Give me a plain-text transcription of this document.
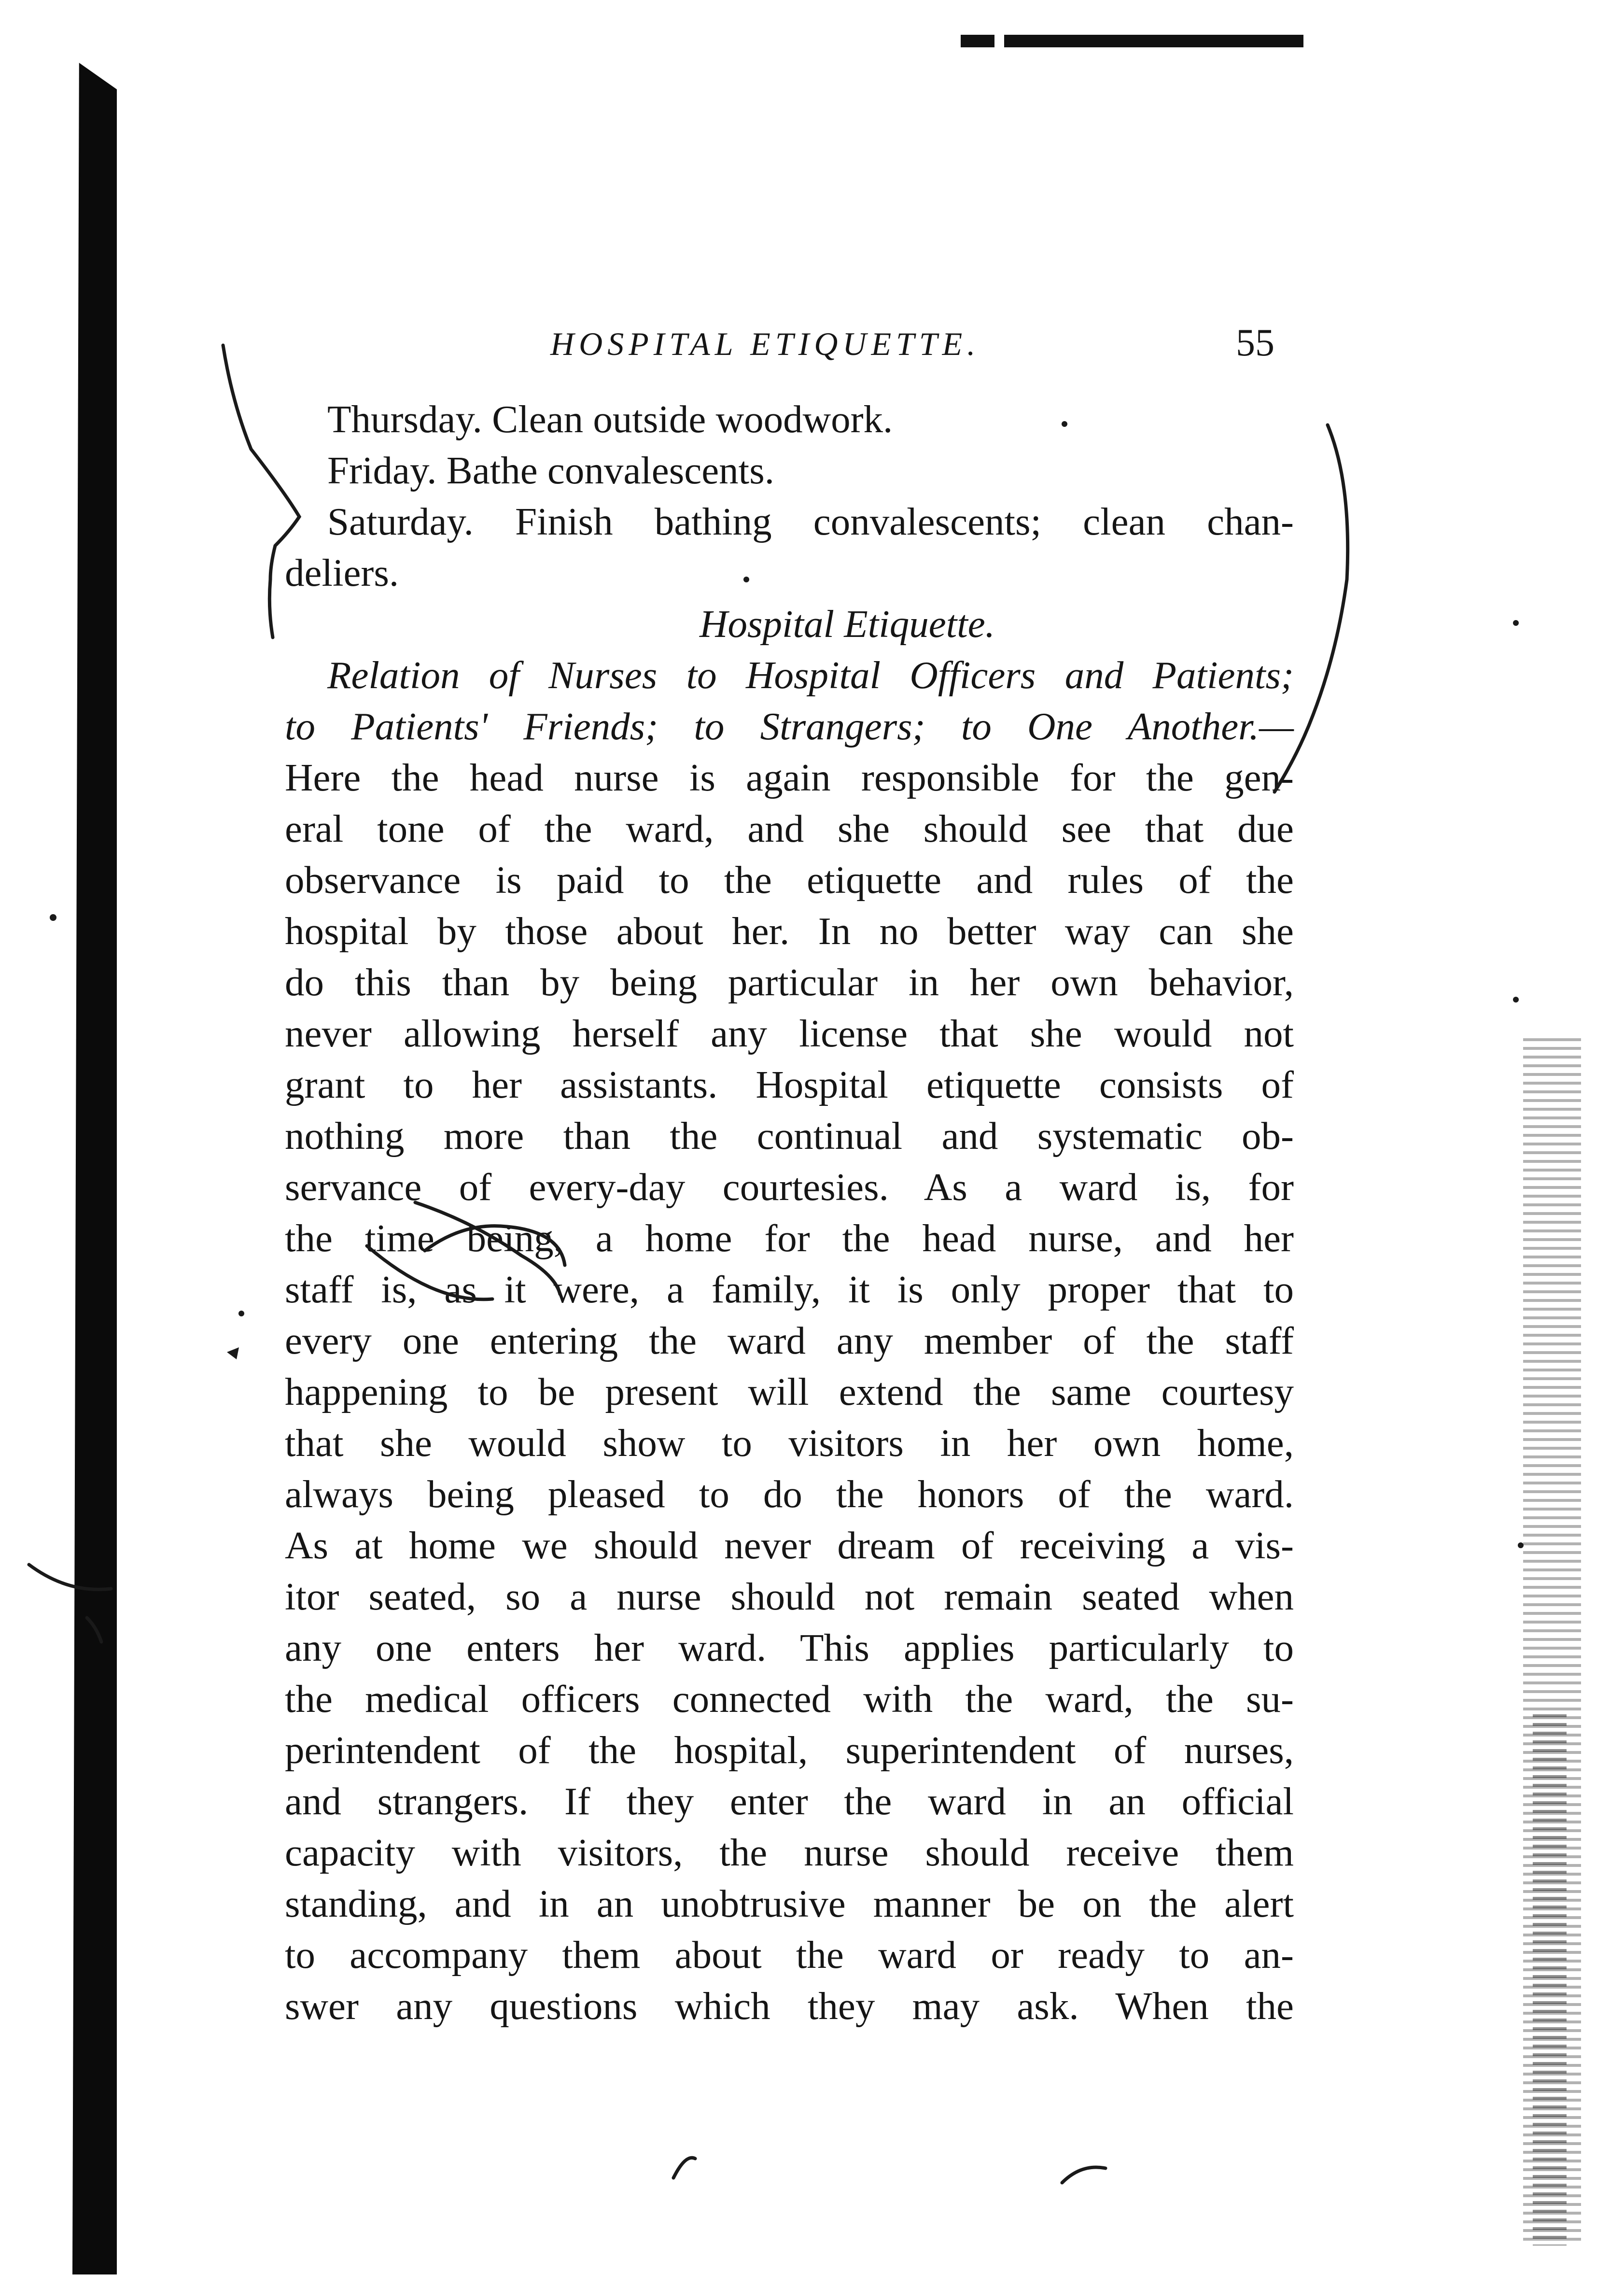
HOSPITAL ETIQUETTE.	55
Thursday. Clean outside woodwork.
Friday. Bathe convalescents.
Saturday. Finish bathing convalescents; clean chan-
deliers.
Hospital Etiquette.
Relation of Nurses to Hospital Officers and Patients;
to Patients' Friends; to Strangers; to One Another.—
Here the head nurse is again responsible for the gen-
eral tone of the ward, and she should see that due
observance is paid to the etiquette and rules of the
hospital by those about her. In no better way can she
do this than by being particular in her own behavior,
never allowing herself any license that she would not
grant to her assistants. Hospital etiquette consists of
nothing more than the continual and systematic ob-
servance of every-day courtesies. As a ward is, for
the time being, a home for the head nurse, and her
staff is, as it were, a family, it is only proper that to
every one entering the ward any member of the staff
happening to be present will extend the same courtesy
that she would show to visitors in her own home,
always being pleased to do the honors of the ward.
As at home we should never dream of receiving a vis-
itor seated, so a nurse should not remain seated when
any one enters her ward. This applies particularly to
the medical officers connected with the ward, the su-
perintendent of the hospital, superintendent of nurses,
and strangers. If they enter the ward in an official
capacity with visitors, the nurse should receive them
standing, and in an unobtrusive manner be on the alert
to accompany them about the ward or ready to an-
swer any questions which they may ask. When the
